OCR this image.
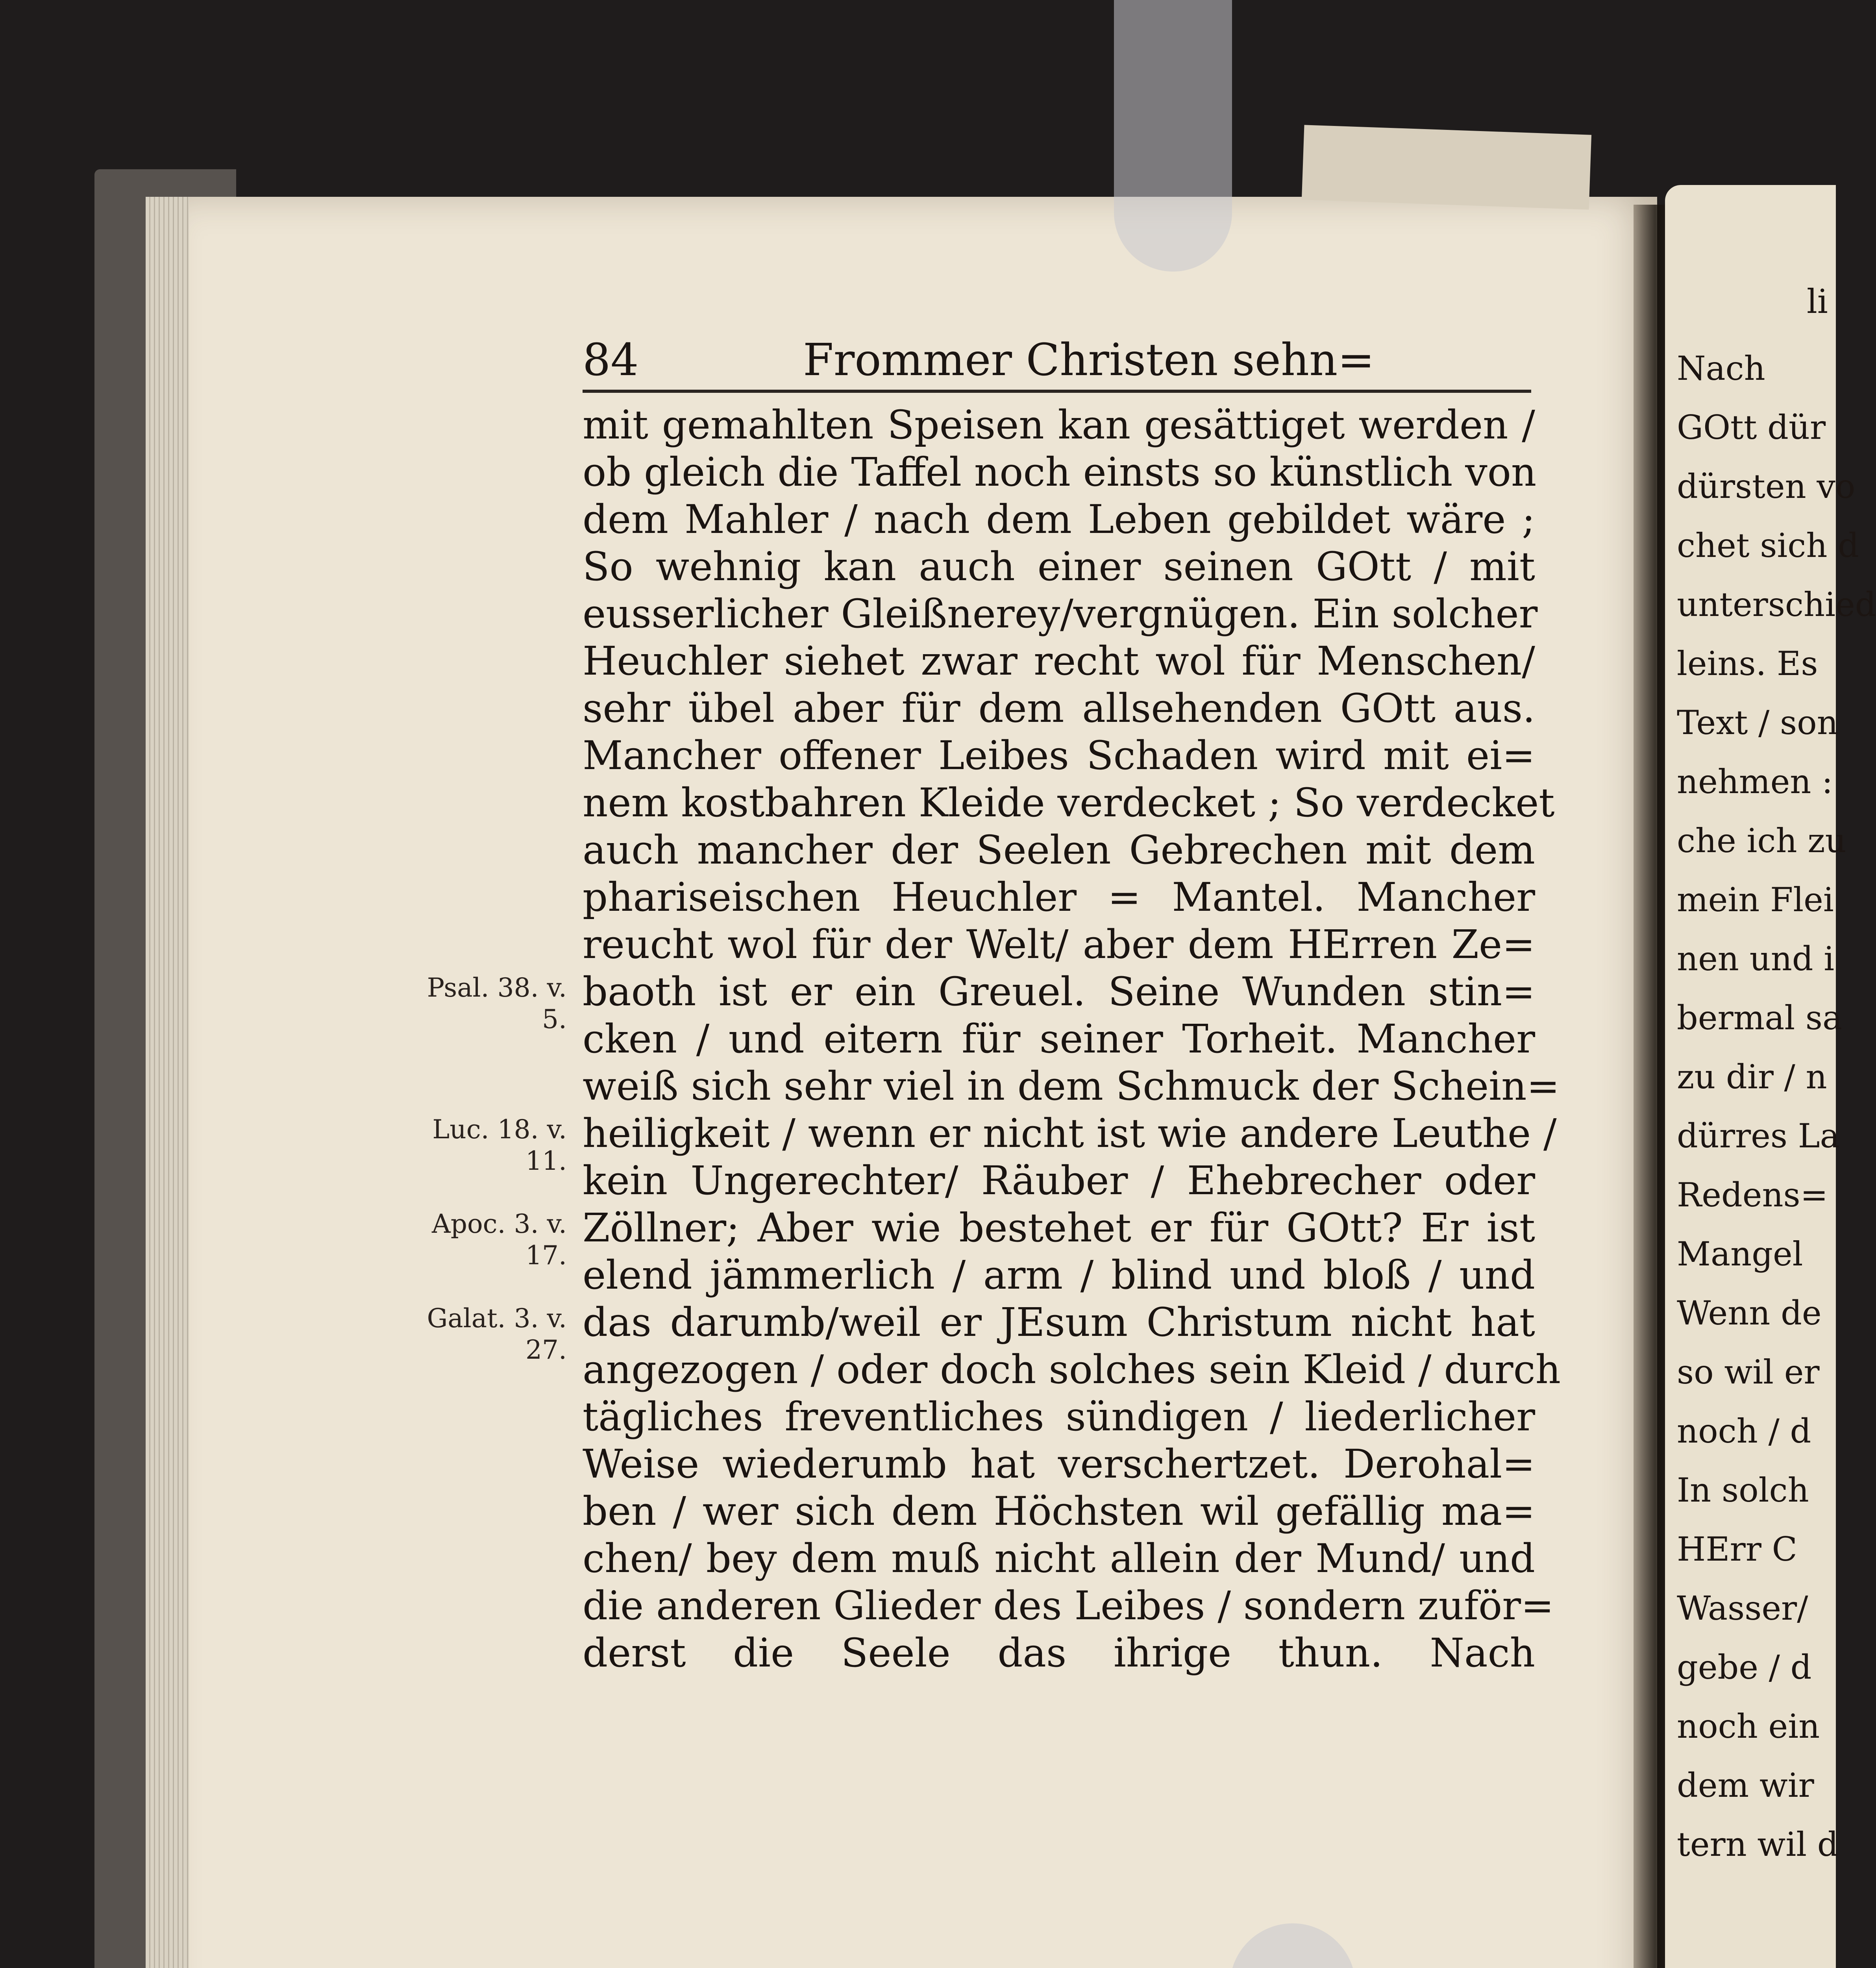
li
Nach
GOtt dür
dürsten vo
chet sich d
unterschied
leins. Es
Text / son
nehmen :
che ich zu
mein Flei
nen und i
bermal sa
zu dir / n
dürres La
Redens=
Mangel
Wenn de
so wil er
noch / d
In solch
HErr C
Wasser/
gebe / d
noch ein
dem wir
tern wil d
84	Frommer Christen sehn=
mit gemahlten Speisen kan gesättiget werden /
ob gleich die Taffel noch einsts so künstlich von
dem Mahler / nach dem Leben gebildet wäre ;
So wehnig kan auch einer seinen GOtt / mit
eusserlicher Gleißnerey/vergnügen. Ein solcher
Heuchler siehet zwar recht wol für Menschen/
sehr übel aber für dem allsehenden GOtt aus.
Mancher offener Leibes Schaden wird mit ei=
nem kostbahren Kleide verdecket ; So verdecket
auch mancher der Seelen Gebrechen mit dem
phariseischen Heuchler = Mantel. Mancher
reucht wol für der Welt/ aber dem HErren Ze=
baoth ist er ein Greuel. Seine Wunden stin=
cken / und eitern für seiner Torheit. Mancher
weiß sich sehr viel in dem Schmuck der Schein=
heiligkeit / wenn er nicht ist wie andere Leuthe /
kein Ungerechter/ Räuber / Ehebrecher oder
Zöllner; Aber wie bestehet er für GOtt? Er ist
elend jämmerlich / arm / blind und bloß / und
das darumb/weil er JEsum Christum nicht hat
angezogen / oder doch solches sein Kleid / durch
tägliches freventliches sündigen / liederlicher
Weise wiederumb hat verschertzet. Derohal=
ben / wer sich dem Höchsten wil gefällig ma=
chen/ bey dem muß nicht allein der Mund/ und
die anderen Glieder des Leibes / sondern zuför=
derst die Seele das ihrige thun. Nach
Psal. 38. v.
5.
Luc. 18. v.
11.
Apoc. 3. v.
17.
Galat. 3. v.
27.
